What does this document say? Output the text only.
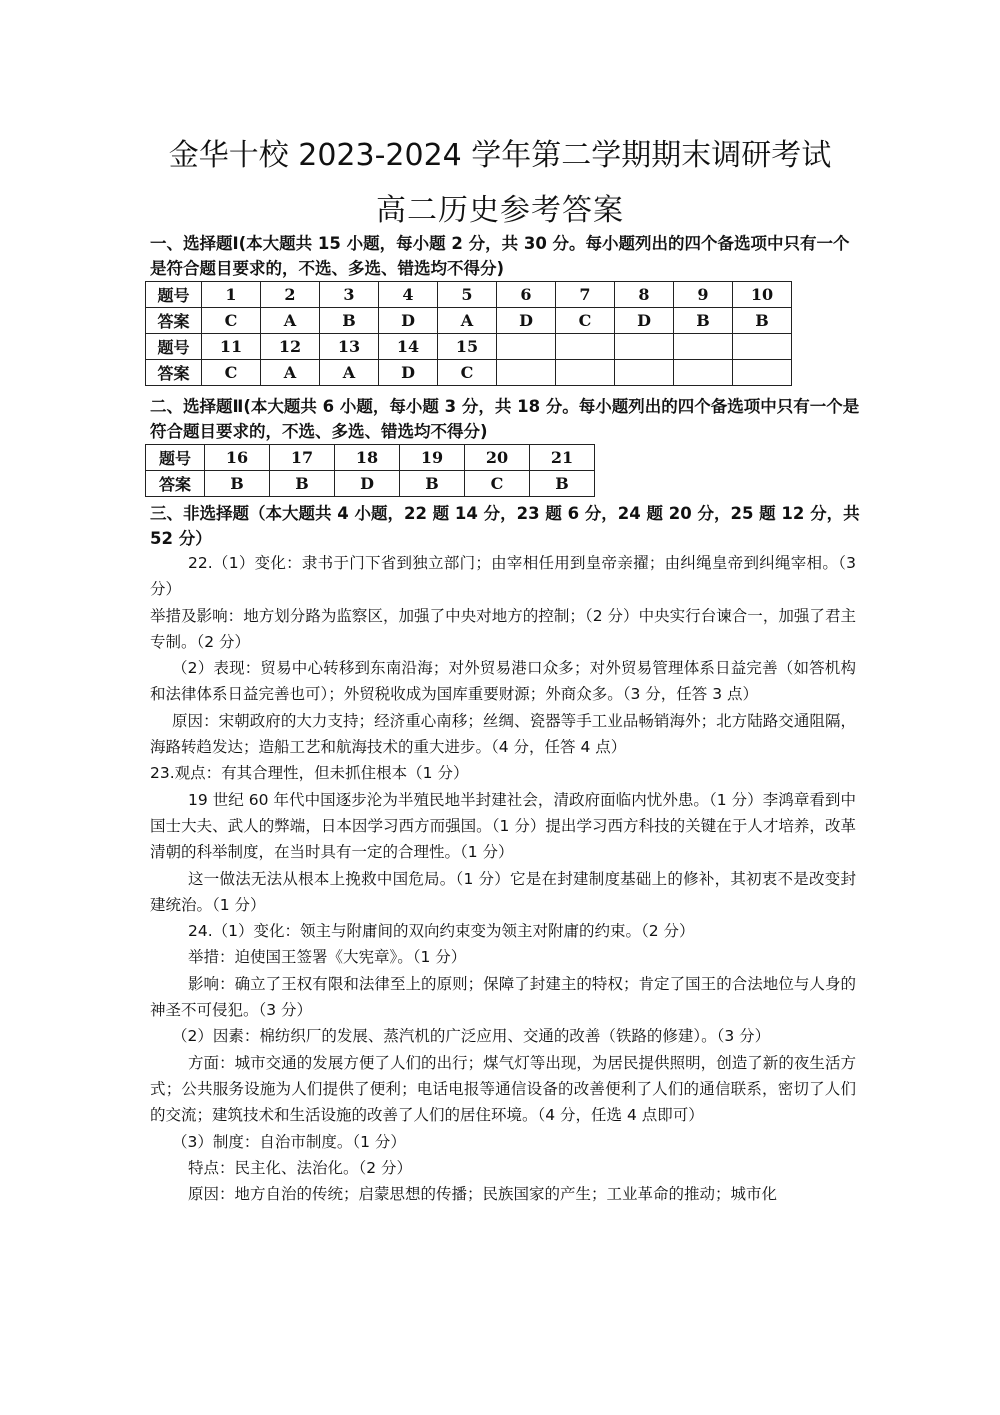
金华十校 2023-2024 学年第二学期期末调研考试
高二历史参考答案
一、选择题Ⅰ(本大题共 15 小题，每小题 2 分，共 30 分。每小题列出的四个备选项中只有一个是符合题目要求的，不选、多选、错选均不得分)
题号	1	2	3	4	5	6	7	8	9	10
答案	C	A	B	D	A	D	C	D	B	B
题号	11	12	13	14	15					
答案	C	A	A	D	C					
二、选择题Ⅱ(本大题共 6 小题，每小题 3 分，共 18 分。每小题列出的四个备选项中只有一个是符合题目要求的，不选、多选、错选均不得分)
题号	16	17	18	19	20	21
答案	B	B	D	B	C	B
三、非选择题（本大题共 4 小题，22 题 14 分，23 题 6 分，24 题 20 分，25 题 12 分，共 52 分）

22.（1）变化：隶书于门下省到独立部门；由宰相任用到皇帝亲擢；由纠绳皇帝到纠绳宰相。（3 分）

举措及影响：地方划分路为监察区，加强了中央对地方的控制；（2 分）中央实行台谏合一，加强了君主专制。（2 分）

（2）表现：贸易中心转移到东南沿海；对外贸易港口众多；对外贸易管理体系日益完善（如答机构和法律体系日益完善也可）；外贸税收成为国库重要财源；外商众多。（3 分，任答 3 点）

原因：宋朝政府的大力支持；经济重心南移；丝绸、瓷器等手工业品畅销海外；北方陆路交通阻隔，海路转趋发达；造船工艺和航海技术的重大进步。（4 分，任答 4 点）

23.观点：有其合理性，但未抓住根本（1 分）

19 世纪 60 年代中国逐步沦为半殖民地半封建社会，清政府面临内忧外患。（1 分）李鸿章看到中国士大夫、武人的弊端，日本因学习西方而强国。（1 分）提出学习西方科技的关键在于人才培养，改革清朝的科举制度，在当时具有一定的合理性。（1 分）

这一做法无法从根本上挽救中国危局。（1 分）它是在封建制度基础上的修补，其初衷不是改变封建统治。（1 分）

24.（1）变化：领主与附庸间的双向约束变为领主对附庸的约束。（2 分）

举措：迫使国王签署《大宪章》。（1 分）

影响：确立了王权有限和法律至上的原则；保障了封建主的特权；肯定了国王的合法地位与人身的神圣不可侵犯。（3 分）

（2）因素：棉纺织厂的发展、蒸汽机的广泛应用、交通的改善（铁路的修建）。（3 分）

方面：城市交通的发展方便了人们的出行；煤气灯等出现，为居民提供照明，创造了新的夜生活方式；公共服务设施为人们提供了便利；电话电报等通信设备的改善便利了人们的通信联系，密切了人们的交流；建筑技术和生活设施的改善了人们的居住环境。（4 分，任选 4 点即可）

（3）制度：自治市制度。（1 分）

特点：民主化、法治化。（2 分）

原因：地方自治的传统；启蒙思想的传播；民族国家的产生；工业革命的推动；城市化
